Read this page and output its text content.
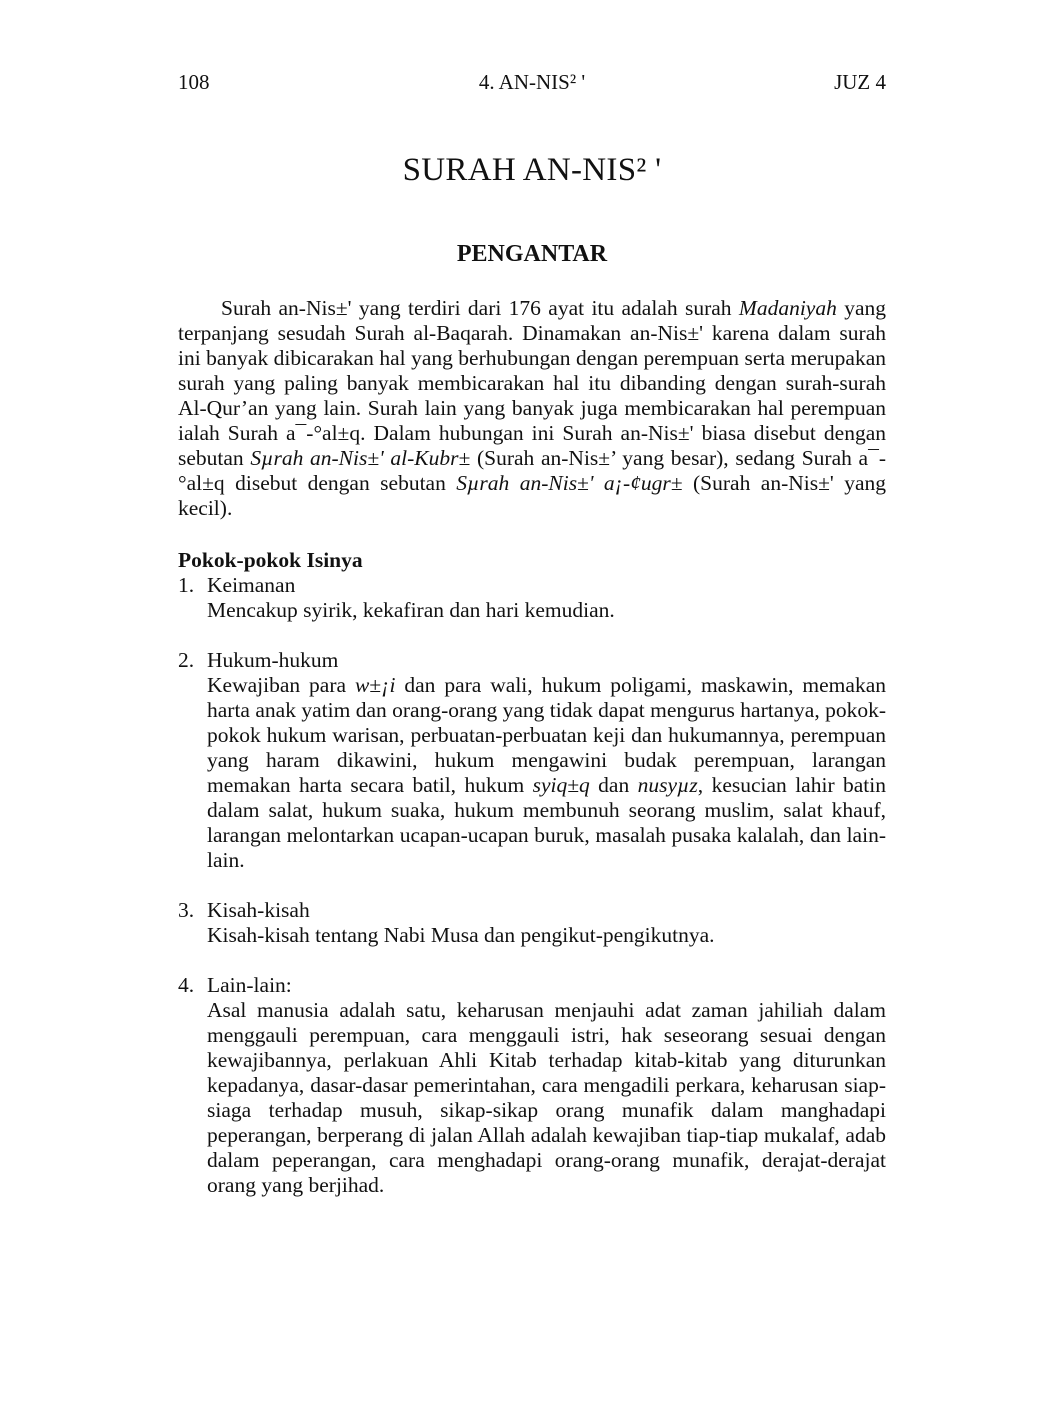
108	4. AN-NIS² '	JUZ 4
SURAH AN-NIS² '
PENGANTAR

Surah an-Nis±' yang terdiri dari 176 ayat itu adalah surah Madaniyah yang terpanjang sesudah Surah al-Baqarah. Dinamakan an-Nis±' karena dalam surah ini banyak dibicarakan hal yang berhubungan dengan perempuan serta merupakan surah yang paling banyak membicarakan hal itu dibanding dengan surah-surah Al-Qur’an yang lain. Surah lain yang banyak juga membicarakan hal perempuan ialah Surah a¯-°al±q. Dalam hubungan ini Surah an-Nis±' biasa disebut dengan sebutan Sµrah an-Nis±' al-Kubr± (Surah an-Nis±’ yang besar), sedang Surah a¯-°al±q disebut dengan sebutan Sµrah an-Nis±' a¡-¢ugr± (Surah an-Nis±' yang kecil).

Pokok-pokok Isinya
1. Keimanan
Mencakup syirik, kekafiran dan hari kemudian.
2. Hukum-hukum
Kewajiban para w±¡i dan para wali, hukum poligami, maskawin, memakan harta anak yatim dan orang-orang yang tidak dapat mengurus hartanya, pokok-pokok hukum warisan, perbuatan-perbuatan keji dan hukumannya, perempuan yang haram dikawini, hukum mengawini budak perempuan, larangan memakan harta secara batil, hukum syiq±q dan nusyµz, kesucian lahir batin dalam salat, hukum suaka, hukum membunuh seorang muslim, salat khauf, larangan melontarkan ucapan-ucapan buruk, masalah pusaka kalalah, dan lain-lain.
3. Kisah-kisah
Kisah-kisah tentang Nabi Musa dan pengikut-pengikutnya.
4. Lain-lain:
Asal manusia adalah satu, keharusan menjauhi adat zaman jahiliah dalam menggauli perempuan, cara menggauli istri, hak seseorang sesuai dengan kewajibannya, perlakuan Ahli Kitab terhadap kitab-kitab yang diturunkan kepadanya, dasar-dasar pemerintahan, cara mengadili perkara, keharusan siap-siaga terhadap musuh, sikap-sikap orang munafik dalam manghadapi peperangan, berperang di jalan Allah adalah kewajiban tiap-tiap mukalaf, adab dalam peperangan, cara menghadapi orang-orang munafik, derajat-derajat orang yang berjihad.
